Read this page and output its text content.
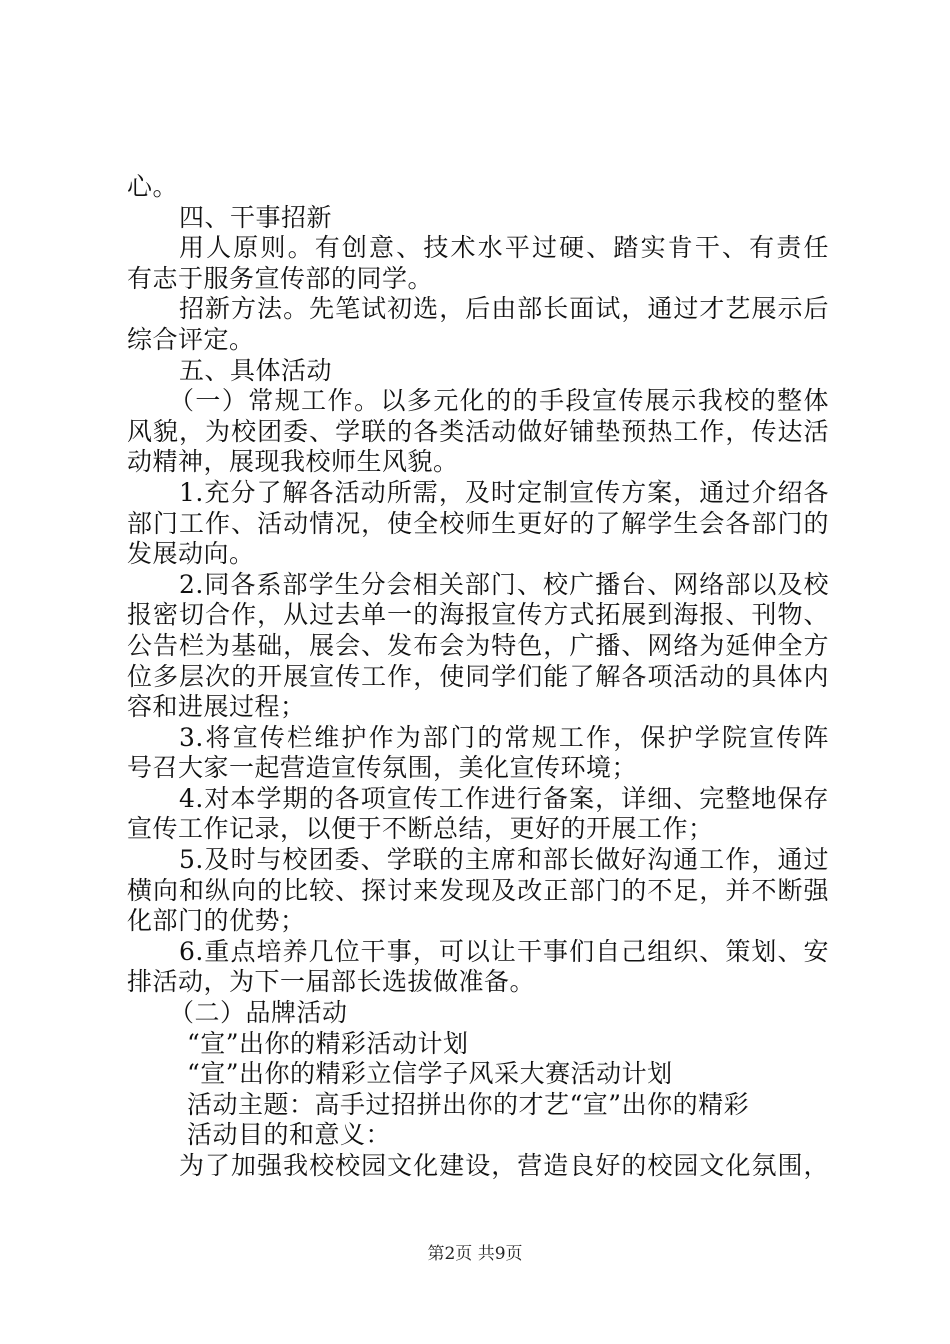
心。
四、干事招新
用人原则。有创意、技术水平过硬、踏实肯干、有责任
有志于服务宣传部的同学。
招新方法。先笔试初选，后由部长面试，通过才艺展示后
综合评定。
五、具体活动
（一）常规工作。以多元化的的手段宣传展示我校的整体
风貌，为校团委、学联的各类活动做好铺垫预热工作，传达活
动精神，展现我校师生风貌。
1.充分了解各活动所需，及时定制宣传方案，通过介绍各
部门工作、活动情况，使全校师生更好的了解学生会各部门的
发展动向。
2.同各系部学生分会相关部门、校广播台、网络部以及校
报密切合作，从过去单一的海报宣传方式拓展到海报、刊物、
公告栏为基础，展会、发布会为特色，广播、网络为延伸全方
位多层次的开展宣传工作，使同学们能了解各项活动的具体内
容和进展过程；
3.将宣传栏维护作为部门的常规工作，保护学院宣传阵
号召大家一起营造宣传氛围，美化宣传环境；
4.对本学期的各项宣传工作进行备案，详细、完整地保存
宣传工作记录，以便于不断总结，更好的开展工作；
5.及时与校团委、学联的主席和部长做好沟通工作，通过
横向和纵向的比较、探讨来发现及改正部门的不足，并不断强
化部门的优势；
6.重点培养几位干事，可以让干事们自己组织、策划、安
排活动，为下一届部长选拔做准备。
（二）品牌活动
“宣”出你的精彩活动计划
“宣”出你的精彩立信学子风采大赛活动计划
活动主题：高手过招拼出你的才艺“宣”出你的精彩
活动目的和意义：
为了加强我校校园文化建设，营造良好的校园文化氛围，
第2页 共9页
